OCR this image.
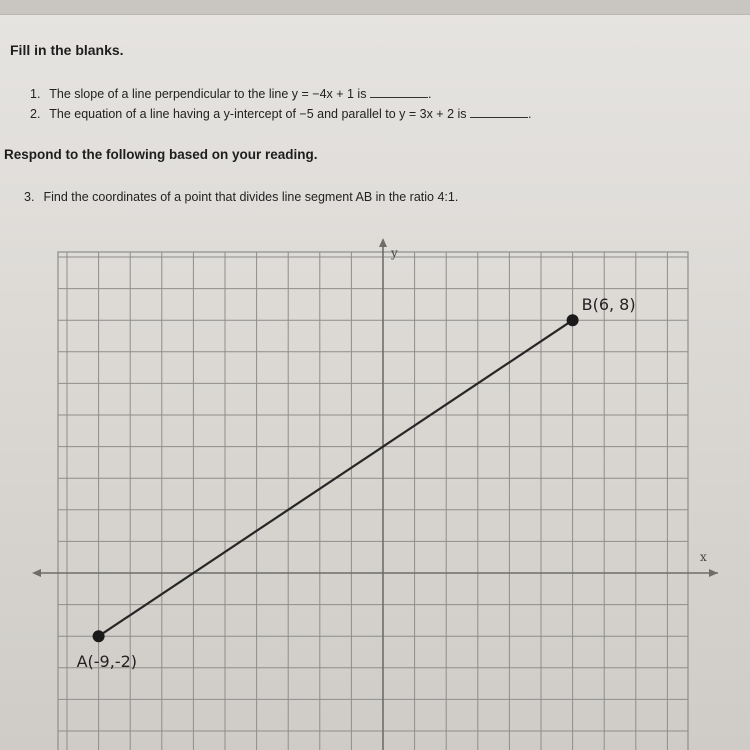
Fill in the blanks.
1. The slope of a line perpendicular to the line y = −4x + 1 is	.
2. The equation of a line having a y-intercept of −5 and parallel to y = 3x + 2 is	.
Respond to the following based on your reading.
3. Find the coordinates of a point that divides line segment AB in the ratio 4:1.
y
x
B(6, 8)
A(-9,-2)
